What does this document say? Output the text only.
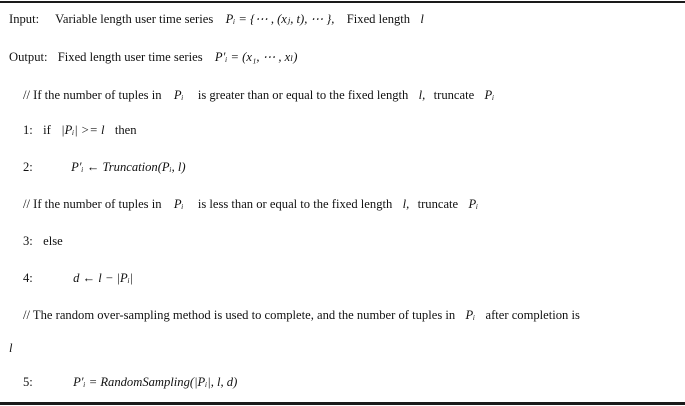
Input: Variable length user time series Pᵢ = {⋯ , (xⱼ, t), ⋯ }, Fixed length l
Output: Fixed length user time series P′ᵢ = (x₁, ⋯ , xₗ)
// If the number of tuples in Pᵢ is greater than or equal to the fixed length l, truncate Pᵢ
1: if |Pᵢ| >= l then
2:	P′ᵢ ← Truncation(Pᵢ, l)
// If the number of tuples in Pᵢ is less than or equal to the fixed length l, truncate Pᵢ
3: else
4:	d ← l − |Pᵢ|
// The random over-sampling method is used to complete, and the number of tuples in Pᵢ after completion is
l
5:	P′ᵢ = RandomSampling(|Pᵢ|, l, d)
